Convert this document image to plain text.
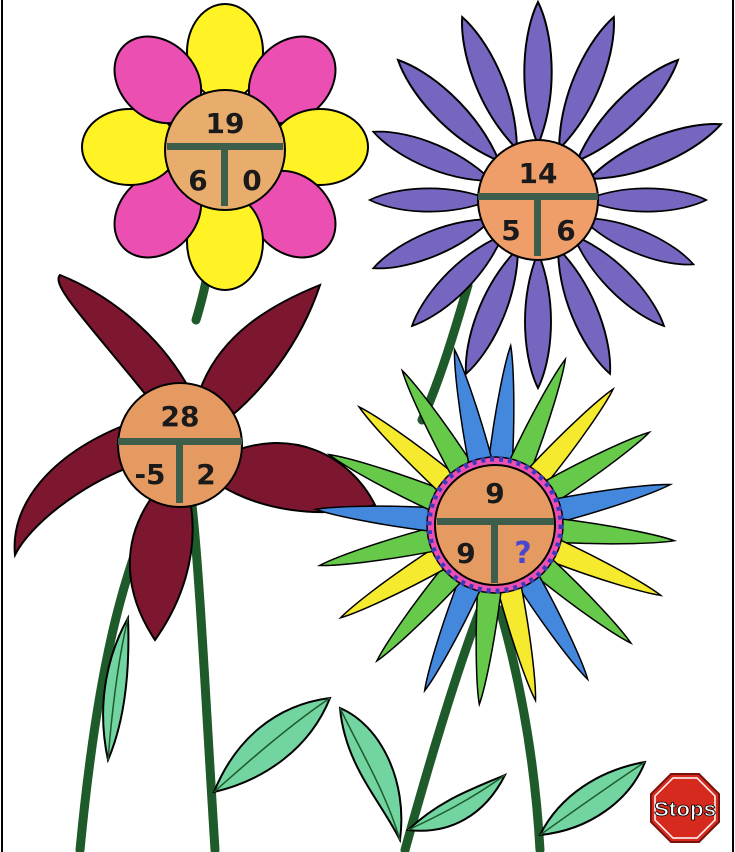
19
6 0	14
5 6
28
-5 2
9
9 ?
Stops
